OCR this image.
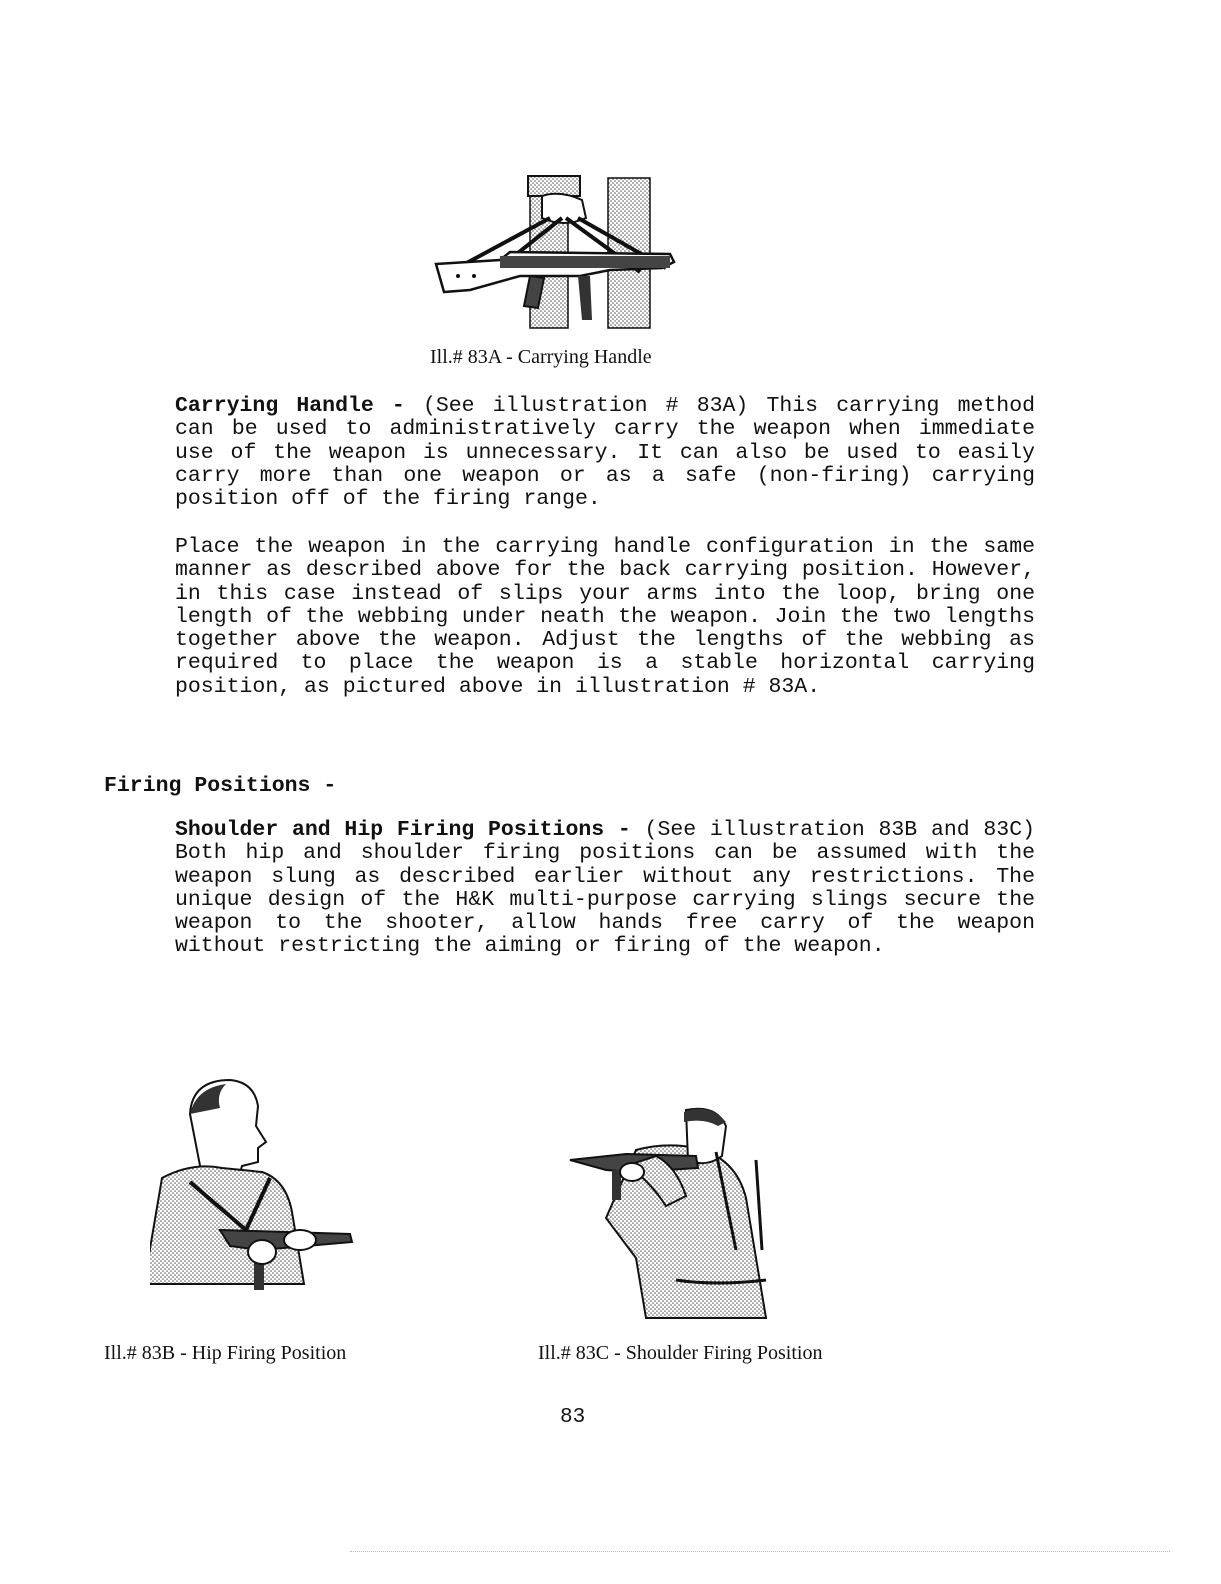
Ill.# 83A - Carrying Handle

Carrying Handle - (See illustration # 83A) This carrying method can be used to administratively carry the weapon when immediate use of the weapon is unnecessary. It can also be used to easily carry more than one weapon or as a safe (non-firing) carrying position off of the firing range.

Place the weapon in the carrying handle configuration in the same manner as described above for the back carrying position. However, in this case instead of slips your arms into the loop, bring one length of the webbing under neath the weapon. Join the two lengths together above the weapon. Adjust the lengths of the webbing as required to place the weapon is a stable horizontal carrying position, as pictured above in illustration # 83A.

Firing Positions -

Shoulder and Hip Firing Positions - (See illustration 83B and 83C) Both hip and shoulder firing positions can be assumed with the weapon slung as described earlier without any restrictions. The unique design of the H&K multi-purpose carrying slings secure the weapon to the shooter, allow hands free carry of the weapon without restricting the aiming or firing of the weapon.

Ill.# 83B - Hip Firing Position	Ill.# 83C - Shoulder Firing Position
83
